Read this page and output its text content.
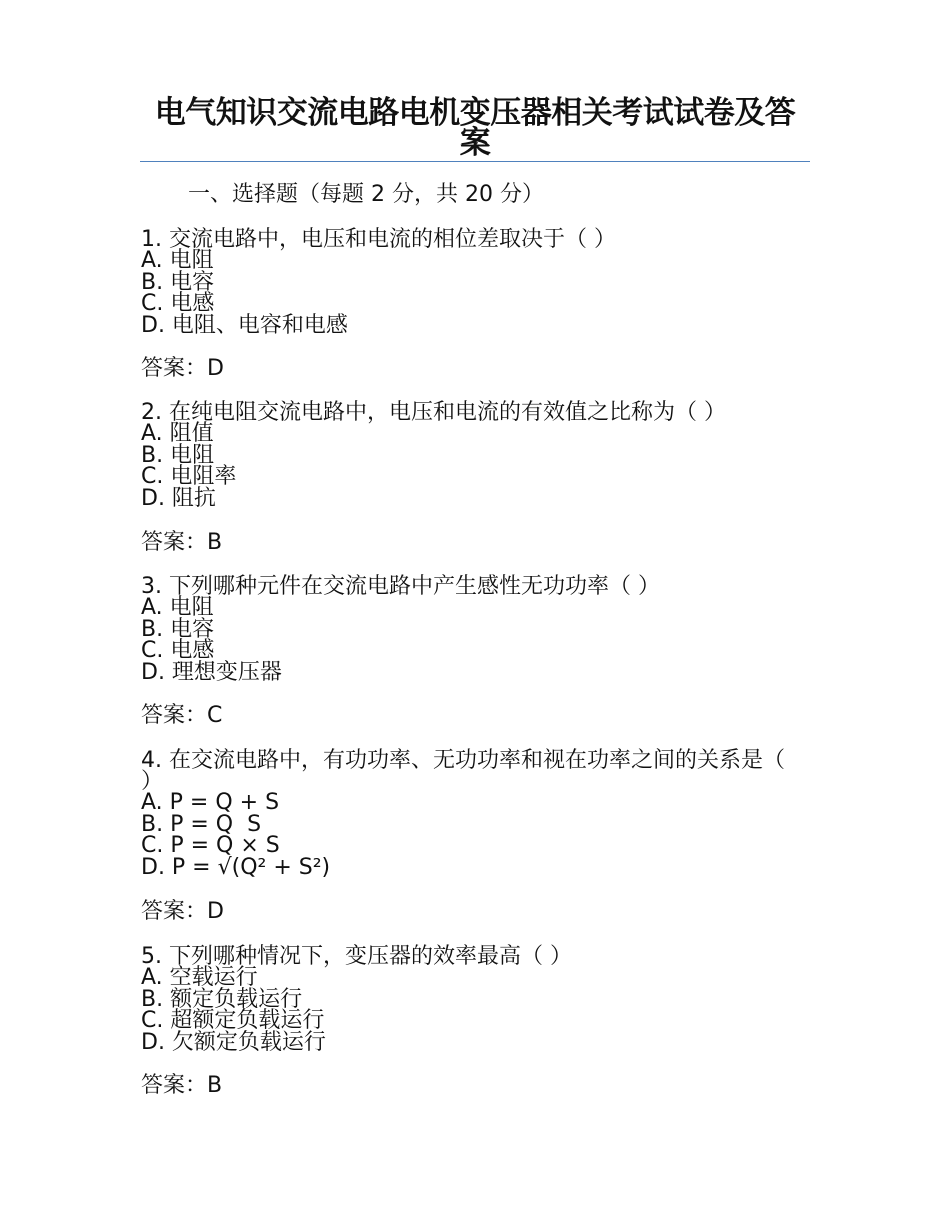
电气知识交流电路电机变压器相关考试试卷及答案
一、选择题（每题 2 分，共 20 分）

1. 交流电路中，电压和电流的相位差取决于（ ）

A. 电阻

B. 电容

C. 电感

D. 电阻、电容和电感

答案：D

2. 在纯电阻交流电路中，电压和电流的有效值之比称为（ ）

A. 阻值

B. 电阻

C. 电阻率

D. 阻抗

答案：B

3. 下列哪种元件在交流电路中产生感性无功功率（ ）

A. 电阻

B. 电容

C. 电感

D. 理想变压器

答案：C

4. 在交流电路中，有功功率、无功功率和视在功率之间的关系是（ ）

A. P = Q + S

B. P = Q  S

C. P = Q × S

D. P = √(Q² + S²)

答案：D

5. 下列哪种情况下，变压器的效率最高（ ）

A. 空载运行

B. 额定负载运行

C. 超额定负载运行

D. 欠额定负载运行

答案：B
